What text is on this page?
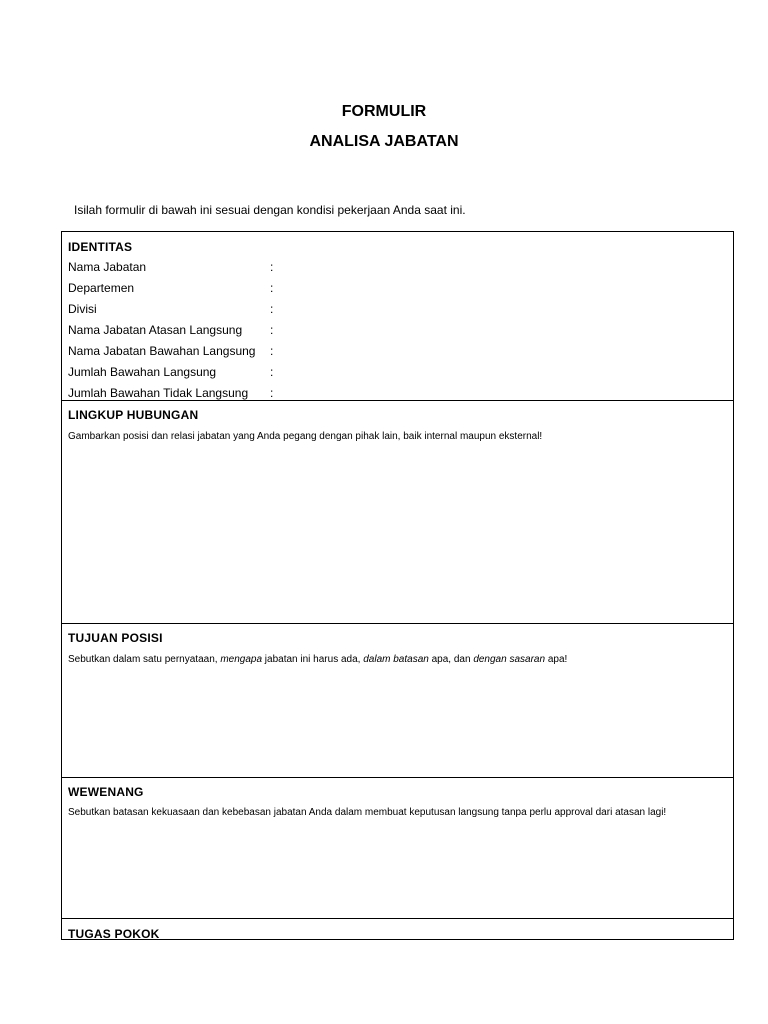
FORMULIR
ANALISA JABATAN
Isilah formulir di bawah ini sesuai dengan kondisi pekerjaan Anda saat ini.
IDENTITAS
Nama Jabatan	:
Departemen	:
Divisi	:
Nama Jabatan Atasan Langsung :
Nama Jabatan Bawahan Langsung :
Jumlah Bawahan Langsung	:
Jumlah Bawahan Tidak Langsung :
LINGKUP HUBUNGAN
Gambarkan posisi dan relasi jabatan yang Anda pegang dengan pihak lain, baik internal maupun eksternal!
TUJUAN POSISI
Sebutkan dalam satu pernyataan, mengapa jabatan ini harus ada, dalam batasan apa, dan dengan sasaran apa!
WEWENANG
Sebutkan batasan kekuasaan dan kebebasan jabatan Anda dalam membuat keputusan langsung tanpa perlu approval dari atasan lagi!
TUGAS POKOK
